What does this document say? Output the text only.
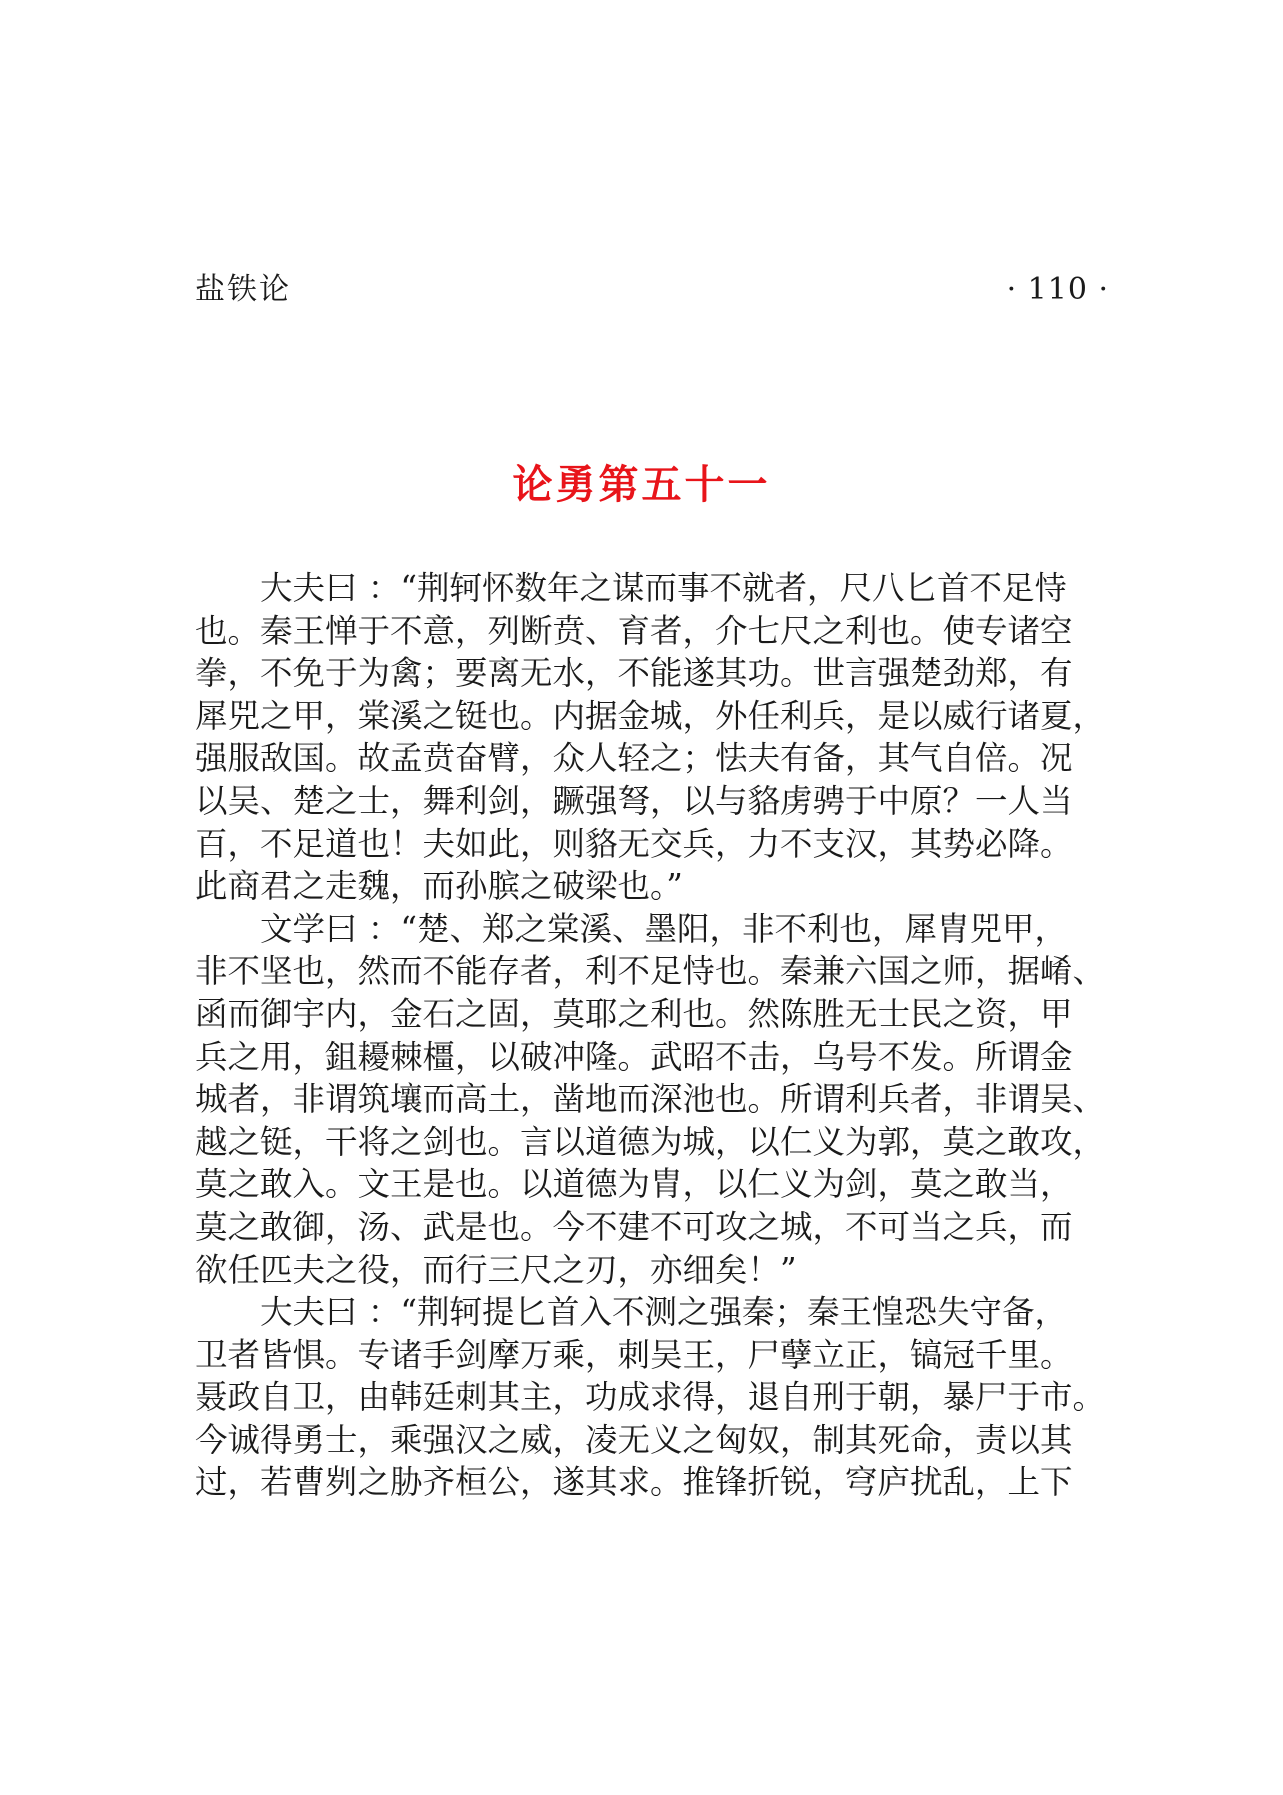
盐铁论	· 110 ·
论勇第五十一

　　大夫曰 ：“荆轲怀数年之谋而事不就者，尺八匕首不足恃
也。秦王惮于不意，列断贲、育者，介七尺之利也。使专诸空
拳，不免于为禽；要离无水，不能遂其功。世言强楚劲郑，有
犀兕之甲，棠溪之铤也。内据金城，外任利兵，是以威行诸夏，
强服敌国。故孟贲奋臂，众人轻之；怯夫有备，其气自倍。况
以吴、楚之士，舞利剑，蹶强弩，以与貉虏骋于中原？一人当
百，不足道也！夫如此，则貉无交兵，力不支汉，其势必降。
此商君之走魏，而孙膑之破梁也。”

　　文学曰 ：“楚、郑之棠溪、墨阳，非不利也，犀胄兕甲，
非不坚也，然而不能存者，利不足恃也。秦兼六国之师，据崤、
函而御宇内，金石之固，莫耶之利也。然陈胜无士民之资，甲
兵之用，鉏耰棘橿，以破冲隆。武昭不击，乌号不发。所谓金
城者，非谓筑壤而高土，凿地而深池也。所谓利兵者，非谓吴、
越之铤，干将之剑也。言以道德为城，以仁义为郭，莫之敢攻，
莫之敢入。文王是也。以道德为胄，以仁义为剑，莫之敢当，
莫之敢御，汤、武是也。今不建不可攻之城，不可当之兵，而
欲任匹夫之役，而行三尺之刃，亦细矣！”

　　大夫曰 ：“荆轲提匕首入不测之强秦；秦王惶恐失守备，
卫者皆惧。专诸手剑摩万乘，刺吴王，尸孽立正，镐冠千里。
聂政自卫，由韩廷刺其主，功成求得，退自刑于朝，暴尸于市。
今诚得勇士，乘强汉之威，凌无义之匈奴，制其死命，责以其
过，若曹刿之胁齐桓公，遂其求。推锋折锐，穹庐扰乱，上下
